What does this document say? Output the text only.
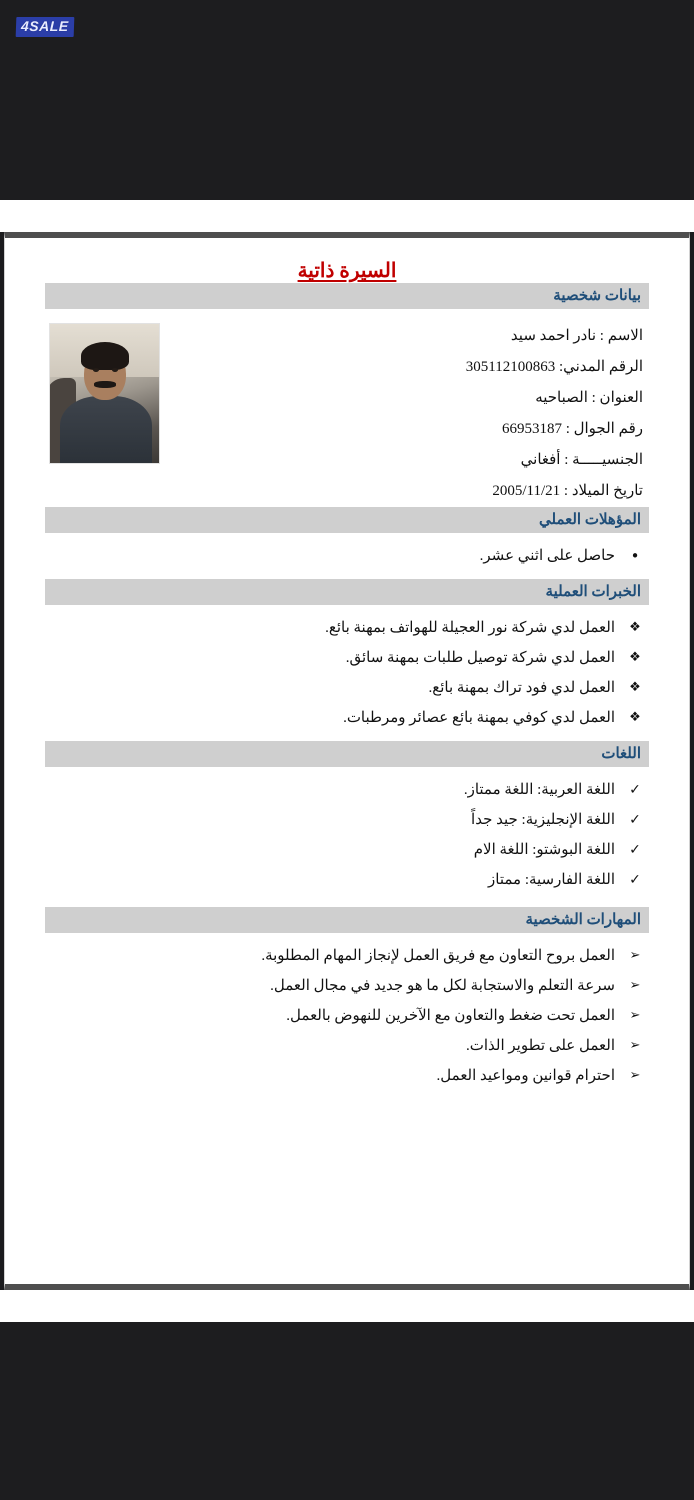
4SALE
السيرة ذاتية
بيانات شخصية
الاسم : نادر احمد سيد
الرقم المدني: 305112100863
العنوان : الصباحيه
رقم الجوال : 66953187
الجنسيـــــة : أفغاني
تاريخ الميلاد : 2005/11/21
المؤهلات العملي
•
حاصل على اثني عشر.
الخبرات العملية
❖
العمل لدي شركة نور العجيلة للهواتف بمهنة بائع.
❖
العمل لدي شركة توصيل طلبات بمهنة سائق.
❖
العمل لدي فود تراك بمهنة بائع.
❖
العمل لدي كوفي بمهنة بائع عصائر ومرطبات.
اللغات
✓
اللغة العربية: اللغة ممتاز.
✓
اللغة الإنجليزية: جيد جداً
✓
اللغة البوشتو: اللغة الام
✓
اللغة الفارسية: ممتاز
المهارات الشخصية
➢
العمل بروح التعاون مع فريق العمل لإنجاز المهام المطلوبة.
➢
سرعة التعلم والاستجابة لكل ما هو جديد في مجال العمل.
➢
العمل تحت ضغط والتعاون مع الآخرين للنهوض بالعمل.
➢
العمل على تطوير الذات.
➢
احترام قوانين ومواعيد العمل.
